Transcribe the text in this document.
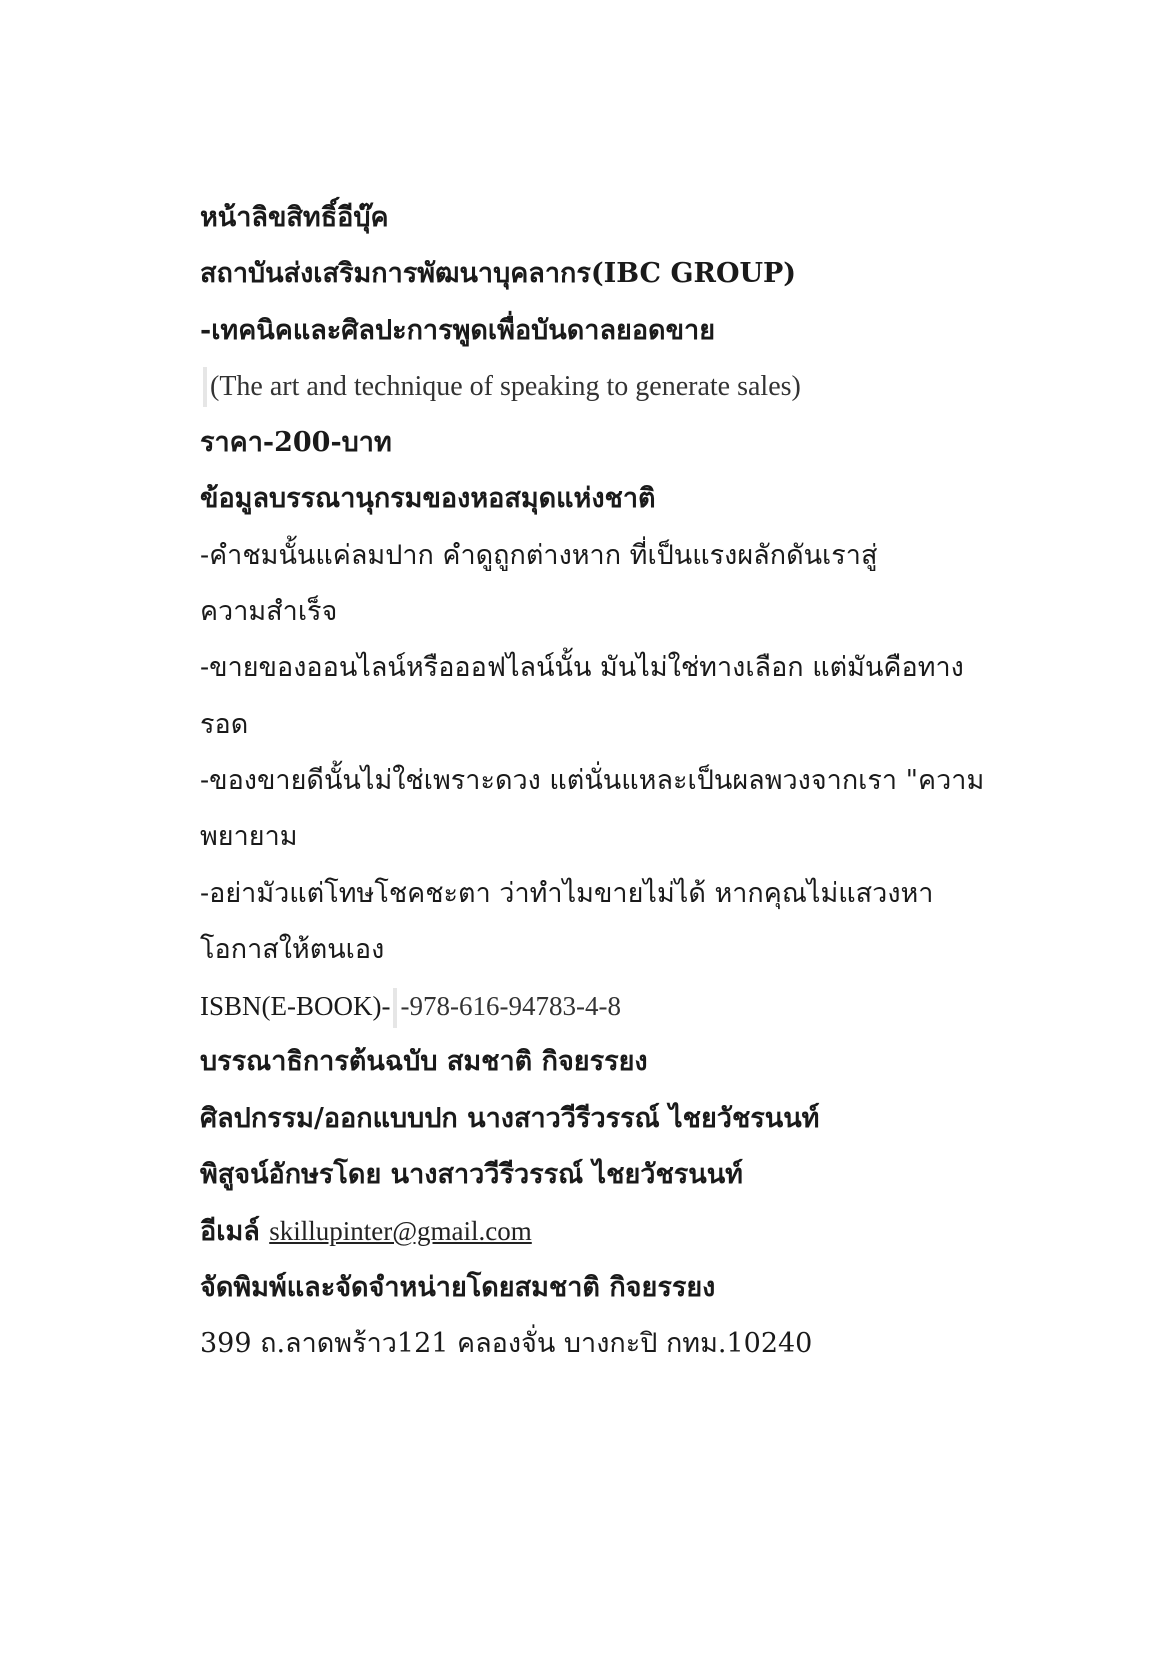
หน้าลิขสิทธิ์อีบุ๊ค
สถาบันส่งเสริมการพัฒนาบุคลากร(IBC GROUP)
-เทคนิคและศิลปะการพูดเพื่อบันดาลยอดขาย
(The art and technique of speaking to generate sales)
ราคา-200-บาท
ข้อมูลบรรณานุกรมของหอสมุดแห่งชาติ
-คำชมนั้นแค่ลมปาก คำดูถูกต่างหาก ที่เป็นแรงผลักดันเราสู่
ความสำเร็จ
-ขายของออนไลน์หรือออฟไลน์นั้น มันไม่ใช่ทางเลือก แต่มันคือทาง
รอด
-ของขายดีนั้นไม่ใช่เพราะดวง แต่นั่นแหละเป็นผลพวงจากเรา "ความ
พยายาม
-อย่ามัวแต่โทษโชคชะตา ว่าทำไมขายไม่ได้ หากคุณไม่แสวงหา
โอกาสให้ตนเอง
ISBN(E-BOOK)- -978-616-94783-4-8
บรรณาธิการต้นฉบับ สมชาติ กิจยรรยง
ศิลปกรรม/ออกแบบปก นางสาววีรีวรรณ์ ไชยวัชรนนท์
พิสูจน์อักษรโดย นางสาววีรีวรรณ์ ไชยวัชรนนท์
อีเมล์ skillupinter@gmail.com
จัดพิมพ์และจัดจำหน่ายโดยสมชาติ กิจยรรยง
399 ถ.ลาดพร้าว121 คลองจั่น บางกะปิ กทม.10240
